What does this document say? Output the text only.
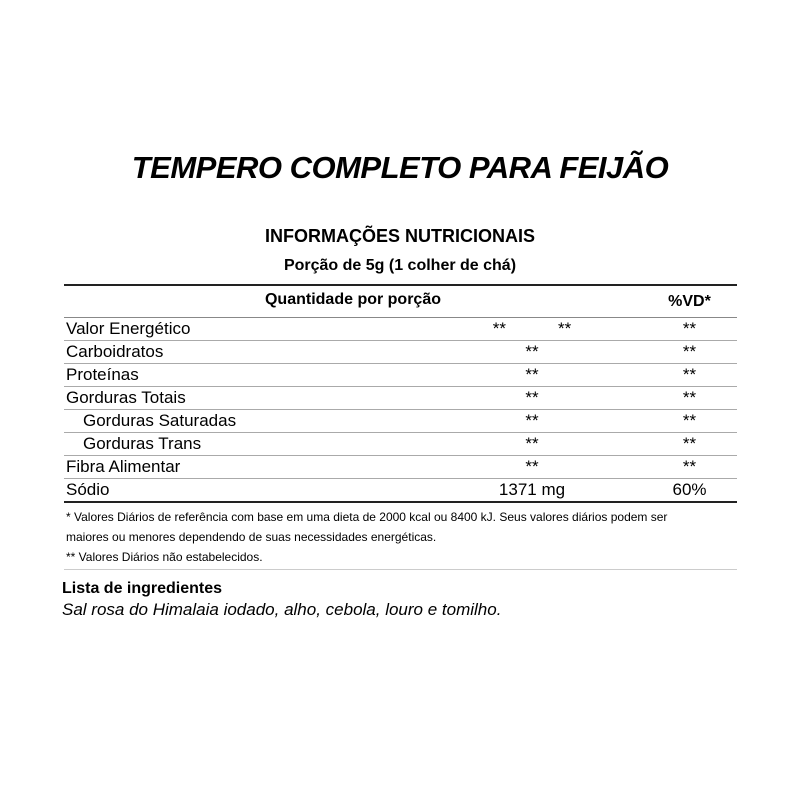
TEMPERO COMPLETO PARA FEIJÃO
INFORMAÇÕES NUTRICIONAIS
Porção de 5g (1 colher de chá)
Quantidade por porção	%VD*
Valor Energético	**           **	**
Carboidratos	**	**
Proteínas	**	**
Gorduras Totais	**	**
Gorduras Saturadas	**	**
Gorduras Trans	**	**
Fibra Alimentar	**	**
Sódio	1371 mg	60%
* Valores Diários de referência com base em uma dieta de 2000 kcal ou 8400 kJ. Seus valores diários podem ser
maiores ou menores dependendo de suas necessidades energéticas.
** Valores Diários não estabelecidos.
Lista de ingredientes
Sal rosa do Himalaia iodado, alho, cebola, louro e tomilho.
